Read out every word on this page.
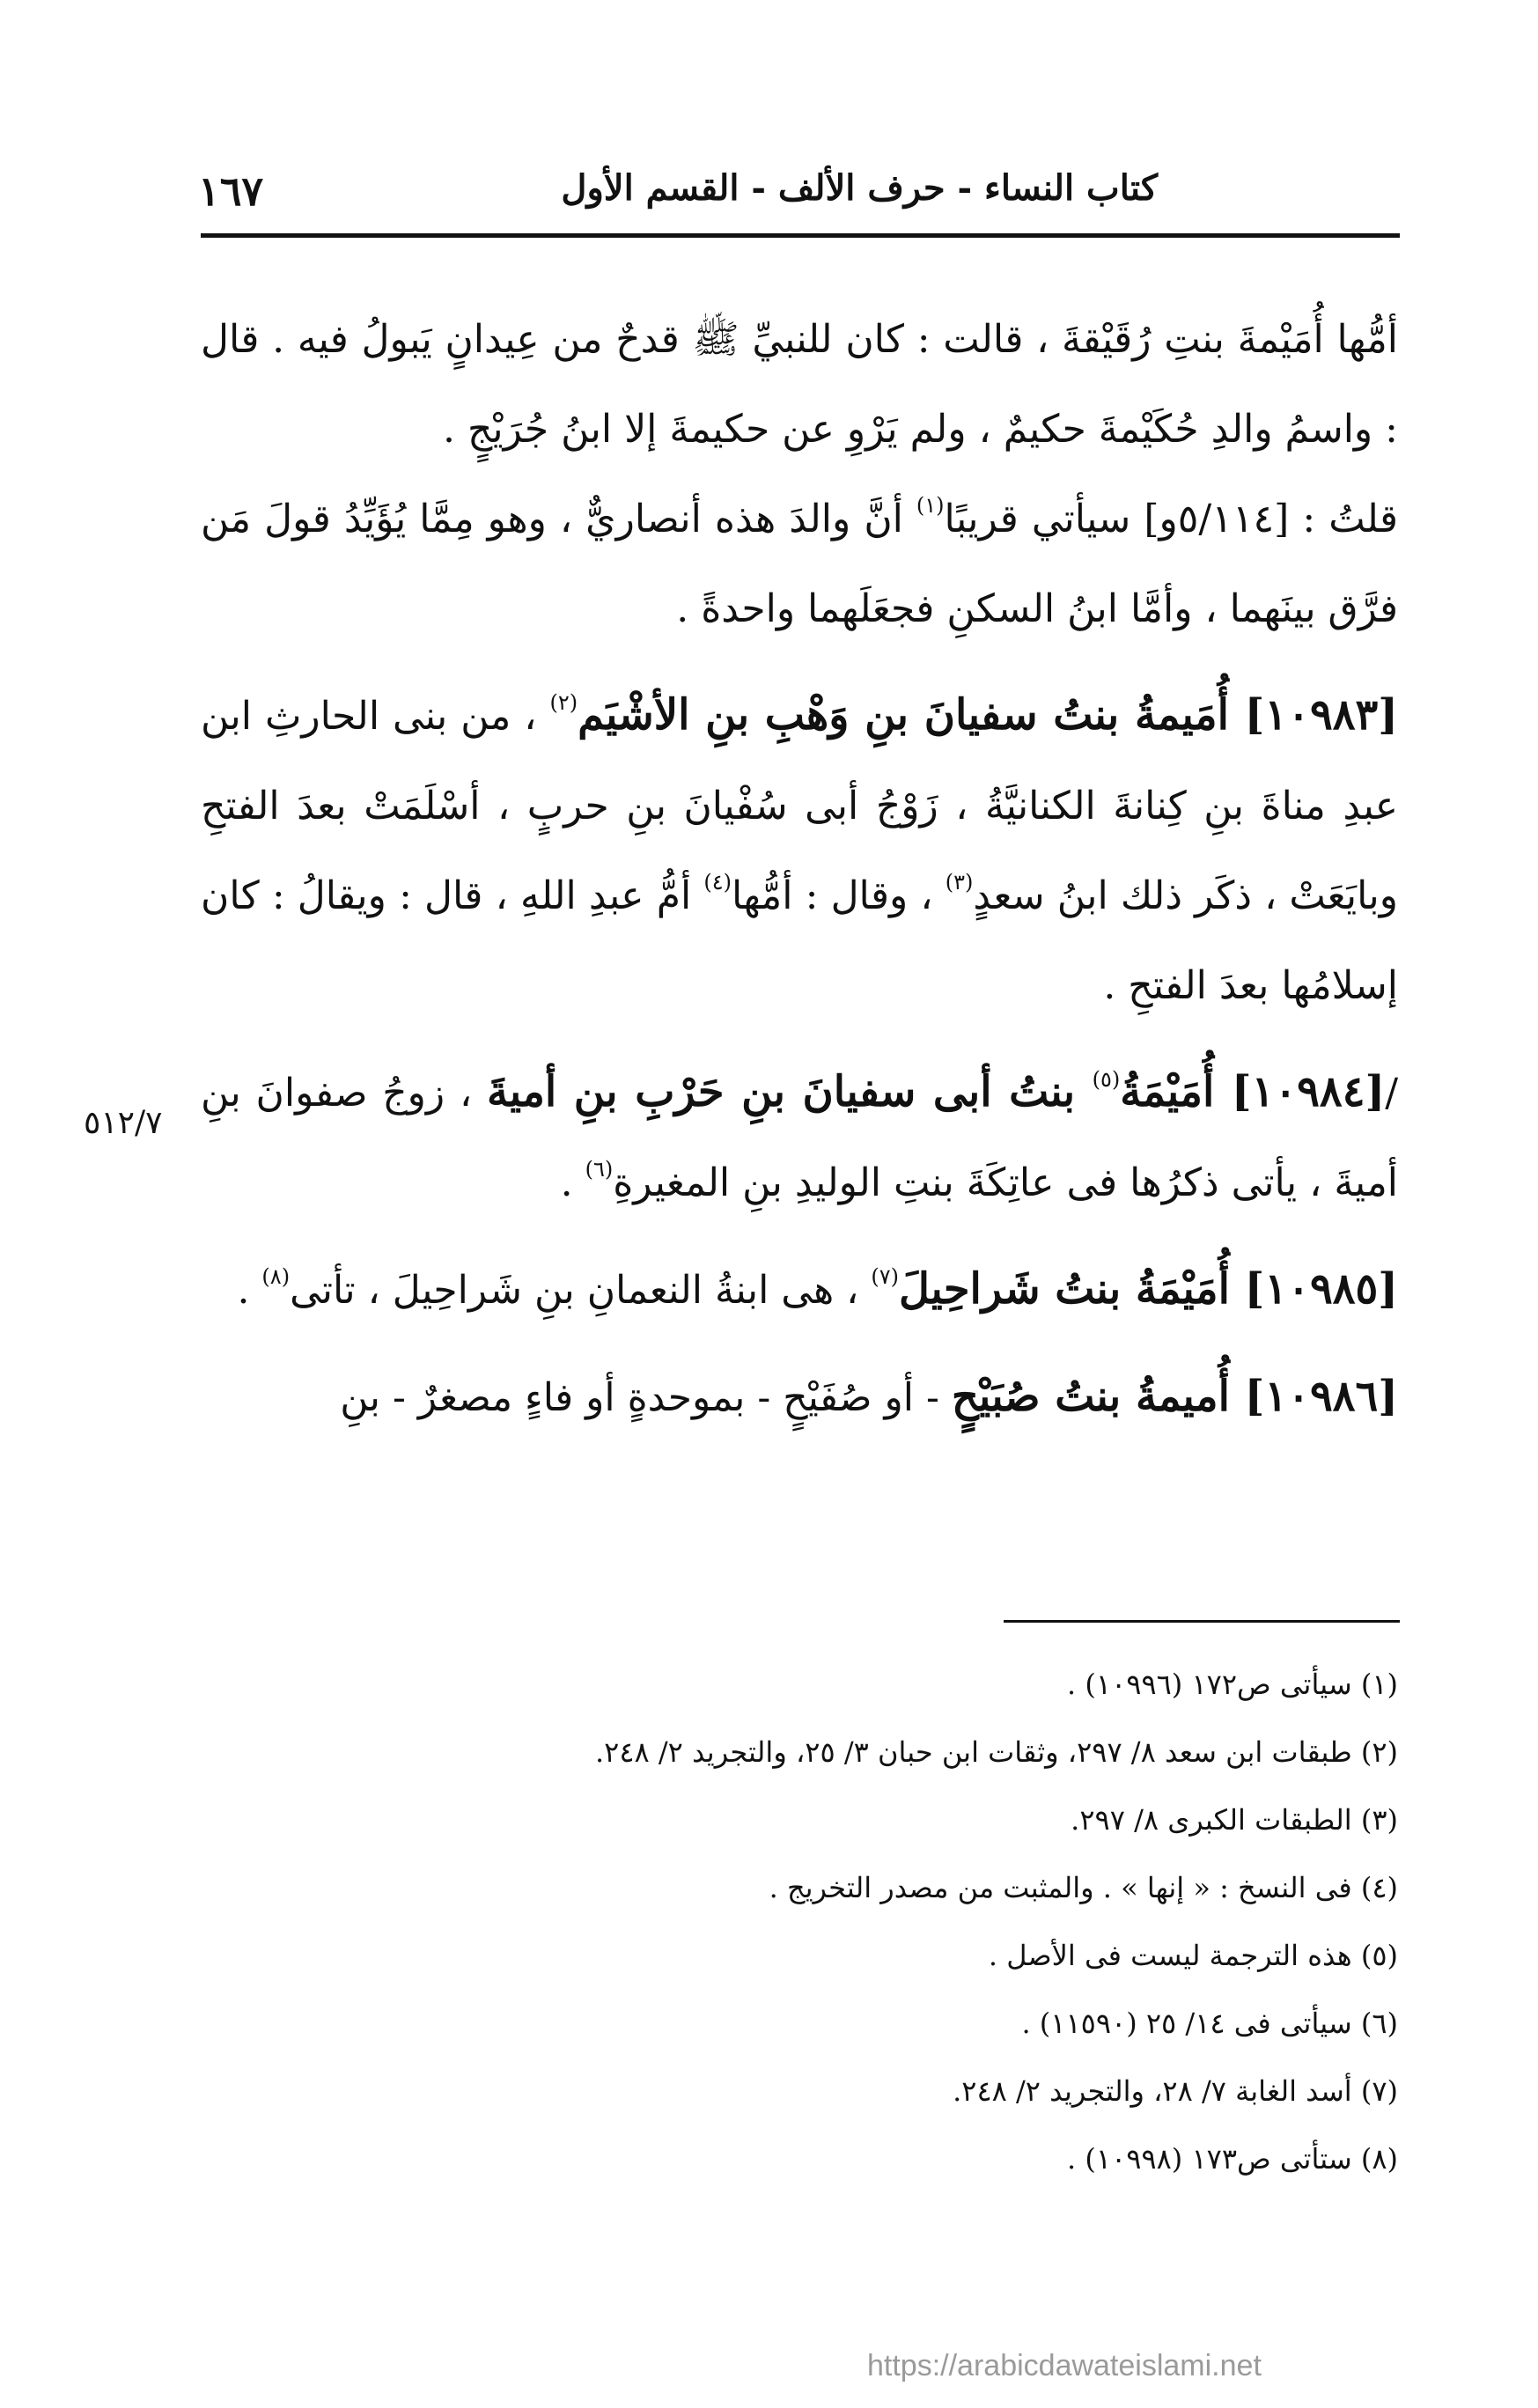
كتاب النساء - حرف الألف - القسم الأول
١٦٧
٥١٢/٧

أمُّها أُمَيْمةَ بنتِ رُقَيْقةَ ، قالت : كان للنبيِّ ﷺ قدحٌ من عِيدانٍ يَبولُ فيه . قال : واسمُ والدِ حُكَيْمةَ حكيمٌ ، ولم يَرْوِ عن حكيمةَ إلا ابنُ جُرَيْجٍ .

قلتُ : [٥/١١٤و] سيأتي قريبًا$^{(١)}$ أنَّ والدَ هذه أنصاريٌّ ، وهو مِمَّا يُؤَيِّدُ قولَ مَن فرَّق بينَهما ، وأمَّا ابنُ السكنِ فجعَلَهما واحدةً .

[١٠٩٨٣] أُمَيمةُ بنتُ سفيانَ بنِ وَهْبِ بنِ الأشْيَم$^{(٢)}$ ، من بنى الحارثِ ابن عبدِ مناةَ بنِ كِنانةَ الكنانيَّةُ ، زَوْجُ أبى سُفْيانَ بنِ حربٍ ، أسْلَمَتْ بعدَ الفتحِ وبايَعَتْ ، ذكَر ذلك ابنُ سعدٍ$^{(٣)}$ ، وقال : أمُّها$^{(٤)}$ أمُّ عبدِ اللهِ ، قال : ويقالُ : كان إسلامُها بعدَ الفتحِ .

/[١٠٩٨٤] أُمَيْمَةُ$^{(٥)}$ بنتُ أبى سفيانَ بنِ حَرْبِ بنِ أميةَ ، زوجُ صفوانَ بنِ أميةَ ، يأتى ذكرُها فى عاتِكَةَ بنتِ الوليدِ بنِ المغيرةِ$^{(٦)}$ .

[١٠٩٨٥] أُمَيْمَةُ بنتُ شَراحِيلَ$^{(٧)}$ ، هى ابنةُ النعمانِ بنِ شَراحِيلَ ، تأتى$^{(٨)}$ .

[١٠٩٨٦] أُميمةُ بنتُ صُبَيْحٍ - أو صُفَيْحٍ - بموحدةٍ أو فاءٍ مصغرٌ - بنِ

(١) سيأتى ص١٧٢ (١٠٩٩٦) .

(٢) طبقات ابن سعد ٨/ ٢٩٧، وثقات ابن حبان ٣/ ٢٥، والتجريد ٢/ ٢٤٨.

(٣) الطبقات الكبرى ٨/ ٢٩٧.

(٤) فى النسخ : « إنها » . والمثبت من مصدر التخريج .

(٥) هذه الترجمة ليست فى الأصل .

(٦) سيأتى فى ١٤/ ٢٥ (١١٥٩٠) .

(٧) أسد الغابة ٧/ ٢٨، والتجريد ٢/ ٢٤٨.

(٨) ستأتى ص١٧٣ (١٠٩٩٨) .

https://arabicdawateislami.net
